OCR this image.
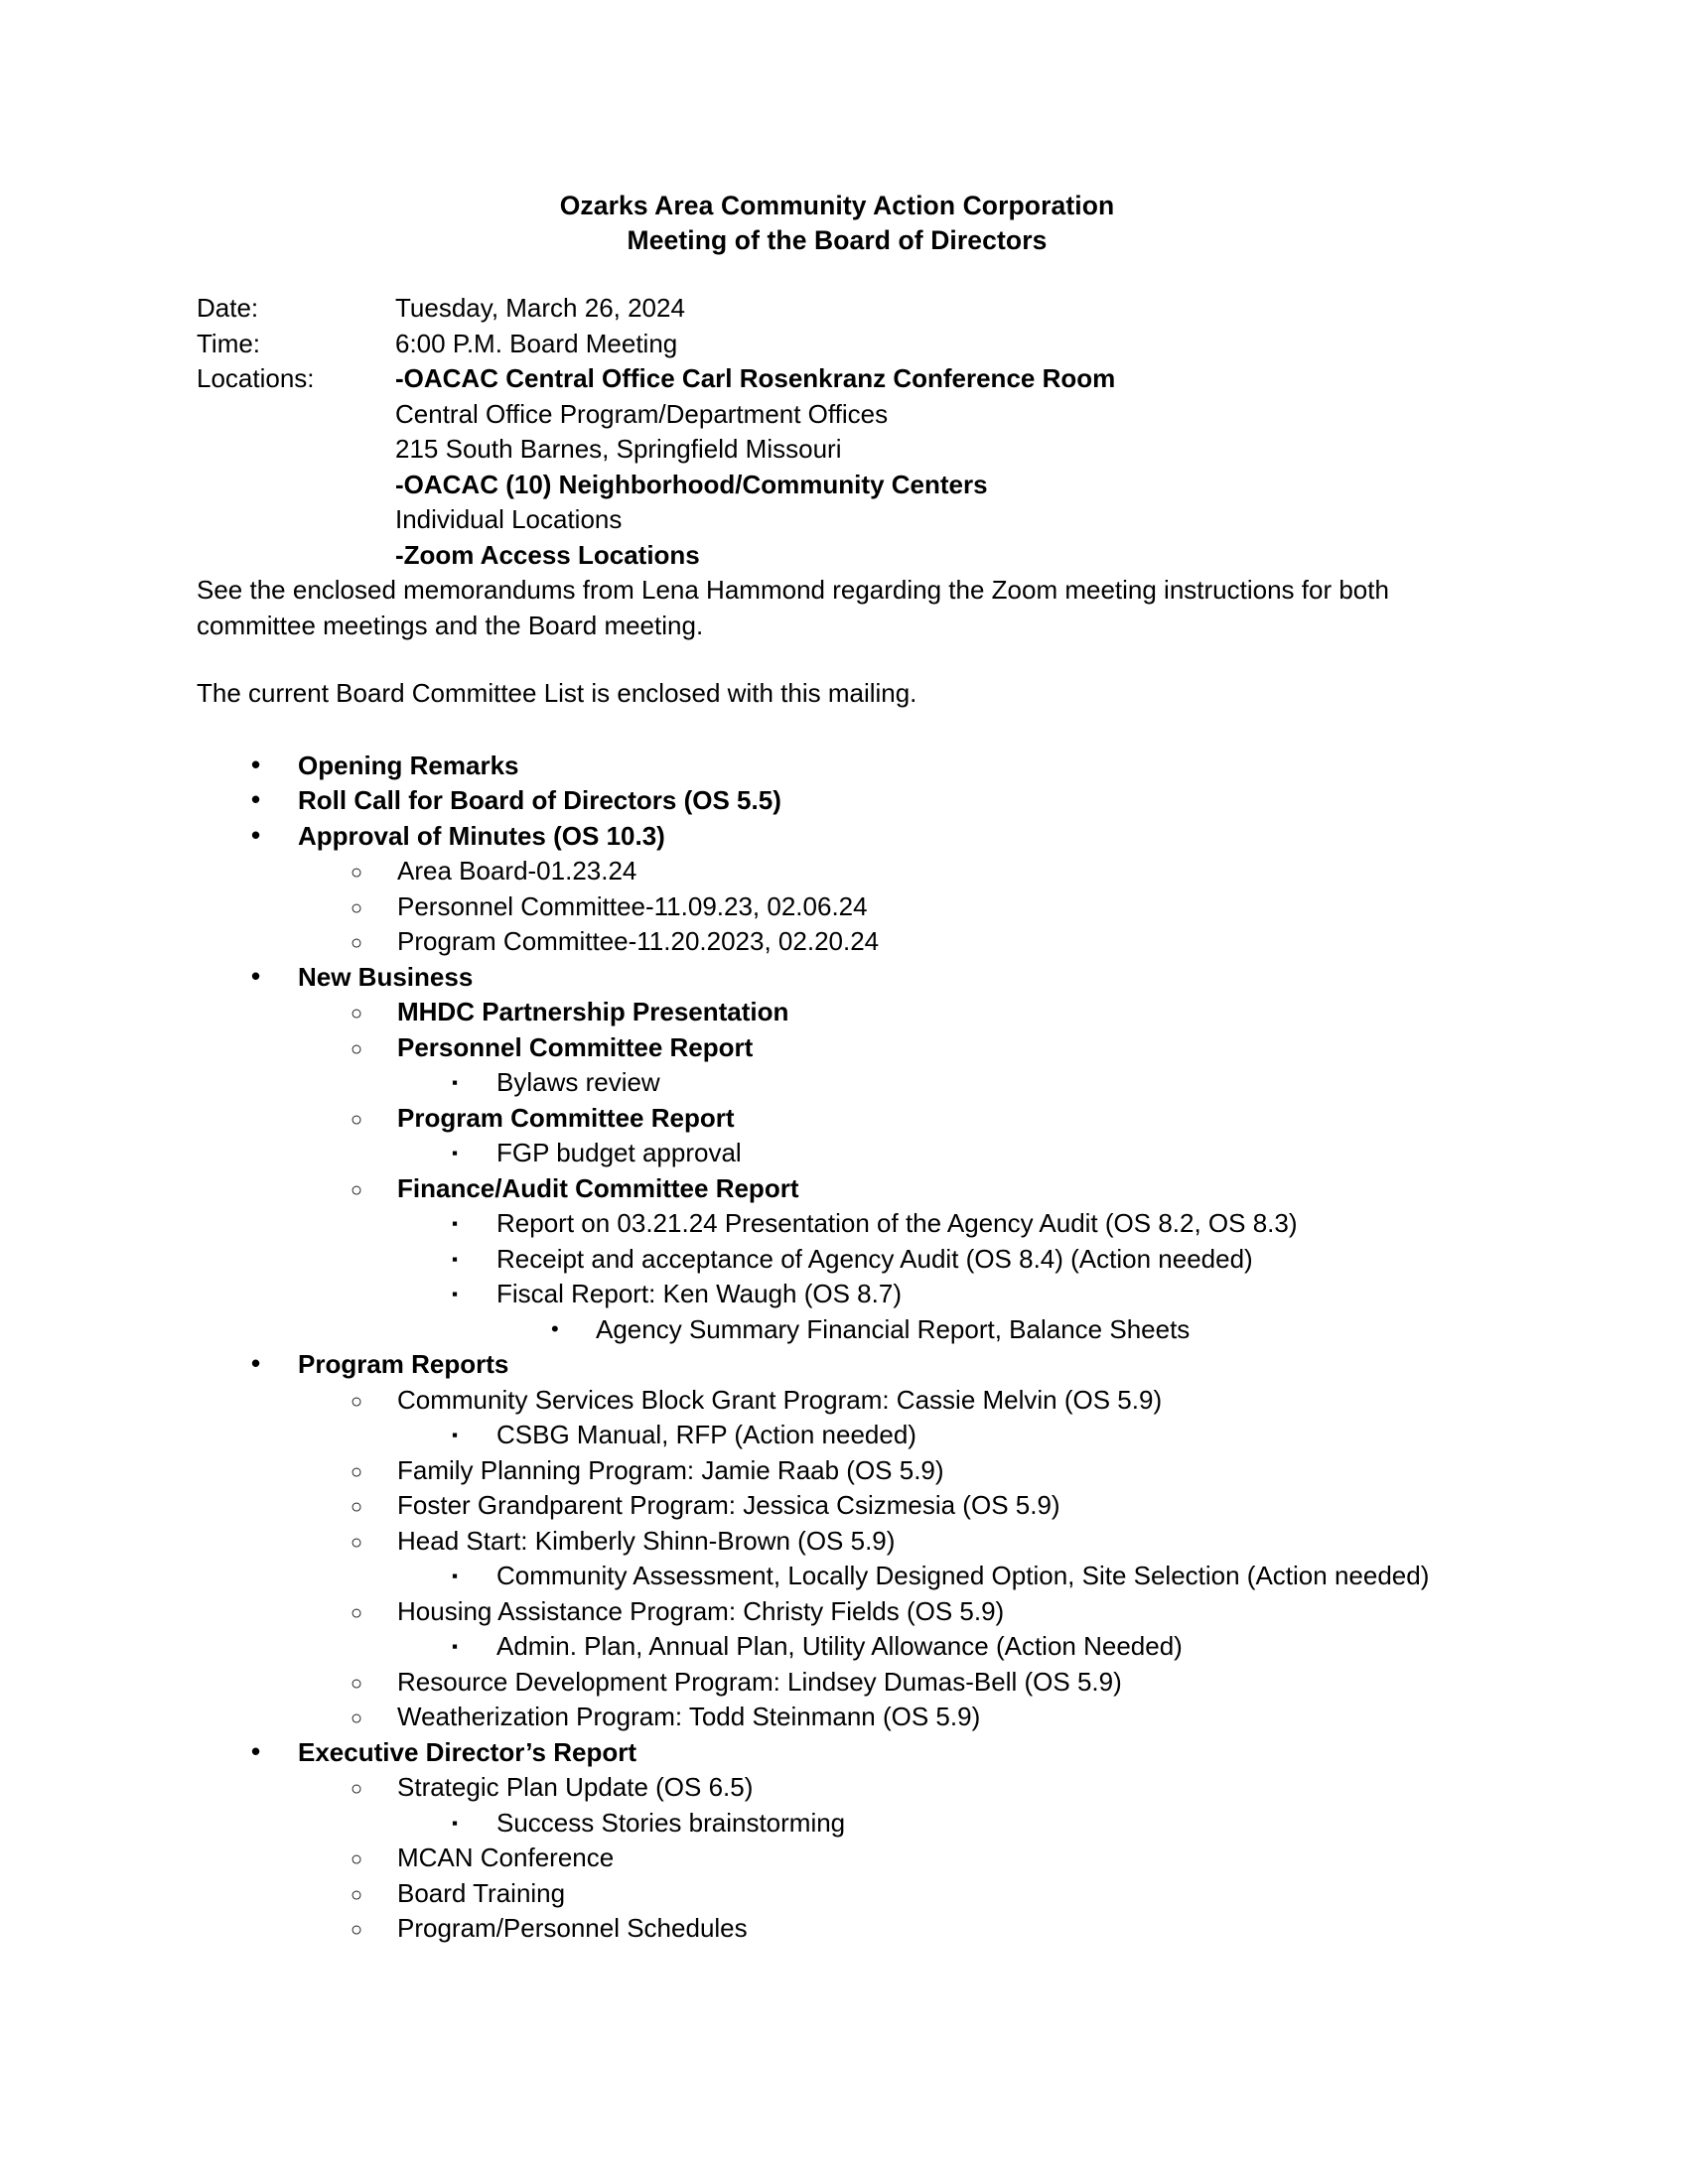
Ozarks Area Community Action Corporation
Meeting of the Board of Directors
Date:	Tuesday, March 26, 2024
Time:	6:00 P.M. Board Meeting
Locations:	-OACAC Central Office Carl Rosenkranz Conference Room
Central Office Program/Department Offices
215 South Barnes, Springfield Missouri
-OACAC (10) Neighborhood/Community Centers
Individual Locations
-Zoom Access Locations
See the enclosed memorandums from Lena Hammond regarding the Zoom meeting instructions for both committee meetings and the Board meeting.
The current Board Committee List is enclosed with this mailing.
• Opening Remarks
• Roll Call for Board of Directors (OS 5.5)
• Approval of Minutes (OS 10.3)
○ Area Board-01.23.24
○ Personnel Committee-11.09.23, 02.06.24
○ Program Committee-11.20.2023, 02.20.24
• New Business
○ MHDC Partnership Presentation
○ Personnel Committee Report
▪ Bylaws review
○ Program Committee Report
▪ FGP budget approval
○ Finance/Audit Committee Report
▪ Report on 03.21.24 Presentation of the Agency Audit (OS 8.2, OS 8.3)
▪ Receipt and acceptance of Agency Audit (OS 8.4) (Action needed)
▪ Fiscal Report: Ken Waugh (OS 8.7)
• Agency Summary Financial Report, Balance Sheets
• Program Reports
○ Community Services Block Grant Program: Cassie Melvin (OS 5.9)
▪ CSBG Manual, RFP (Action needed)
○ Family Planning Program: Jamie Raab (OS 5.9)
○ Foster Grandparent Program: Jessica Csizmesia (OS 5.9)
○ Head Start: Kimberly Shinn-Brown (OS 5.9)
▪ Community Assessment, Locally Designed Option, Site Selection (Action needed)
○ Housing Assistance Program: Christy Fields (OS 5.9)
▪ Admin. Plan, Annual Plan, Utility Allowance (Action Needed)
○ Resource Development Program: Lindsey Dumas-Bell (OS 5.9)
○ Weatherization Program: Todd Steinmann (OS 5.9)
• Executive Director’s Report
○ Strategic Plan Update (OS 6.5)
▪ Success Stories brainstorming
○ MCAN Conference
○ Board Training
○ Program/Personnel Schedules
